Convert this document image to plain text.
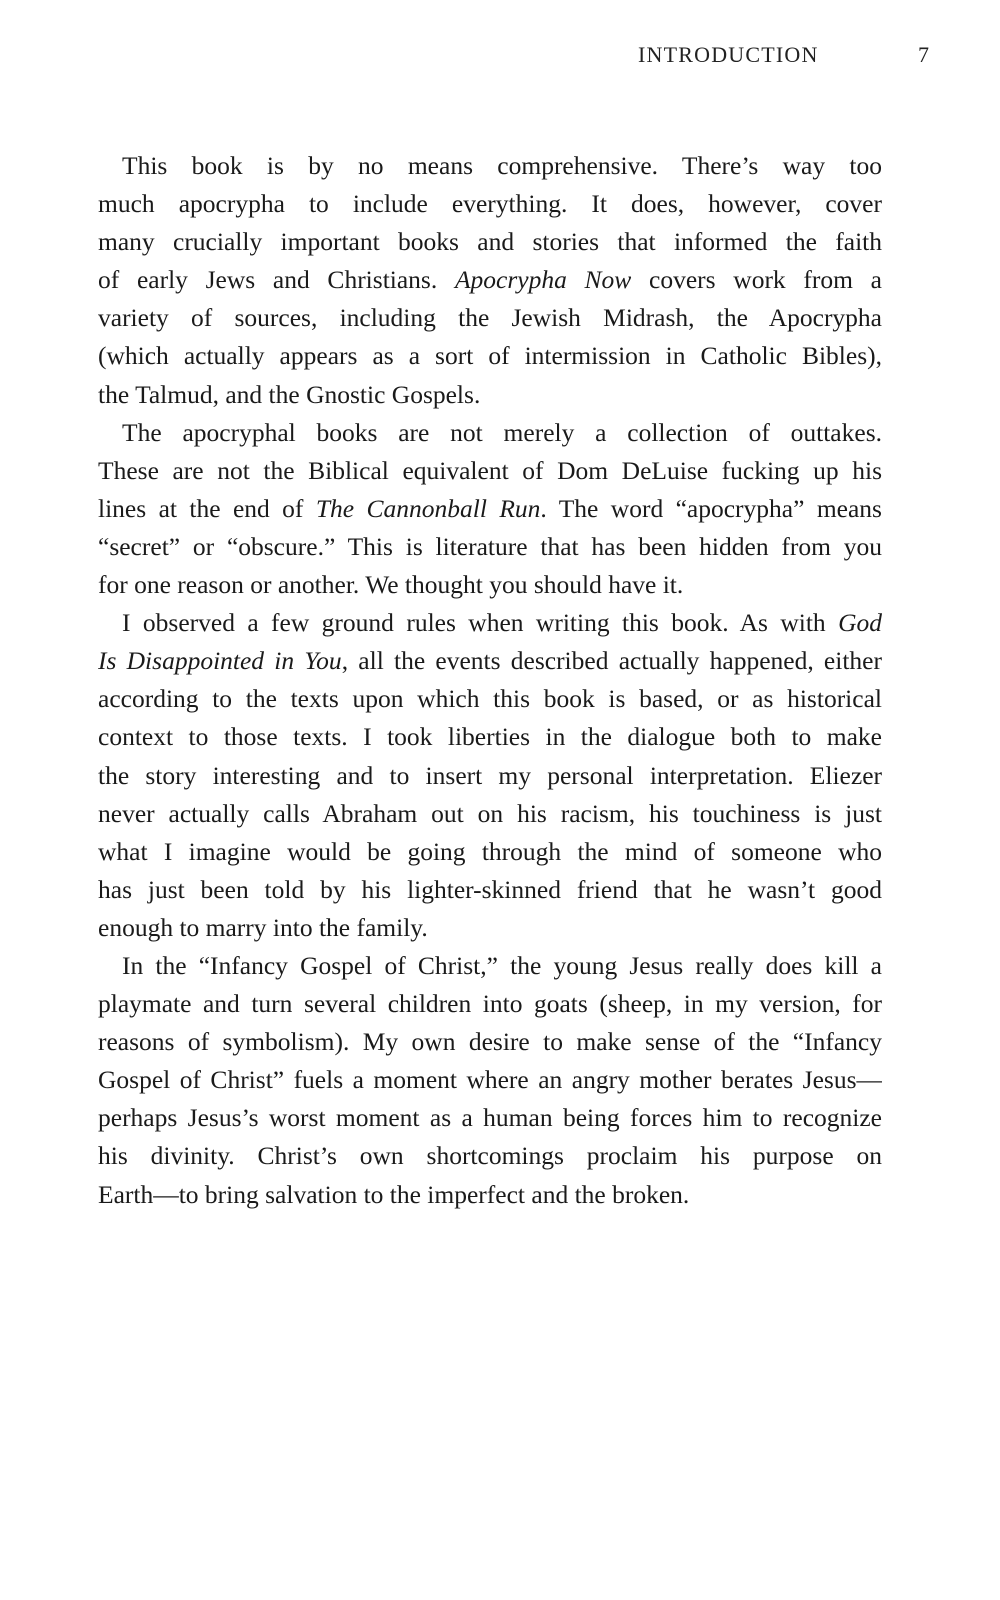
INTRODUCTION	7
This book is by no means comprehensive. There’s way too
much apocrypha to include everything. It does, however, cover
many crucially important books and stories that informed the faith
of early Jews and Christians. Apocrypha Now covers work from a
variety of sources, including the Jewish Midrash, the Apocrypha
(which actually appears as a sort of intermission in Catholic Bibles),
the Talmud, and the Gnostic Gospels.
The apocryphal books are not merely a collection of outtakes.
These are not the Biblical equivalent of Dom DeLuise fucking up his
lines at the end of The Cannonball Run. The word “apocrypha” means
“secret” or “obscure.” This is literature that has been hidden from you
for one reason or another. We thought you should have it.
I observed a few ground rules when writing this book. As with God
Is Disappointed in You, all the events described actually happened, either
according to the texts upon which this book is based, or as historical
context to those texts. I took liberties in the dialogue both to make
the story interesting and to insert my personal interpretation. Eliezer
never actually calls Abraham out on his racism, his touchiness is just
what I imagine would be going through the mind of someone who
has just been told by his lighter-skinned friend that he wasn’t good
enough to marry into the family.
In the “Infancy Gospel of Christ,” the young Jesus really does kill a
playmate and turn several children into goats (sheep, in my version, for
reasons of symbolism). My own desire to make sense of the “Infancy
Gospel of Christ” fuels a moment where an angry mother berates Jesus—
perhaps Jesus’s worst moment as a human being forces him to recognize
his divinity. Christ’s own shortcomings proclaim his purpose on
Earth—to bring salvation to the imperfect and the broken.
